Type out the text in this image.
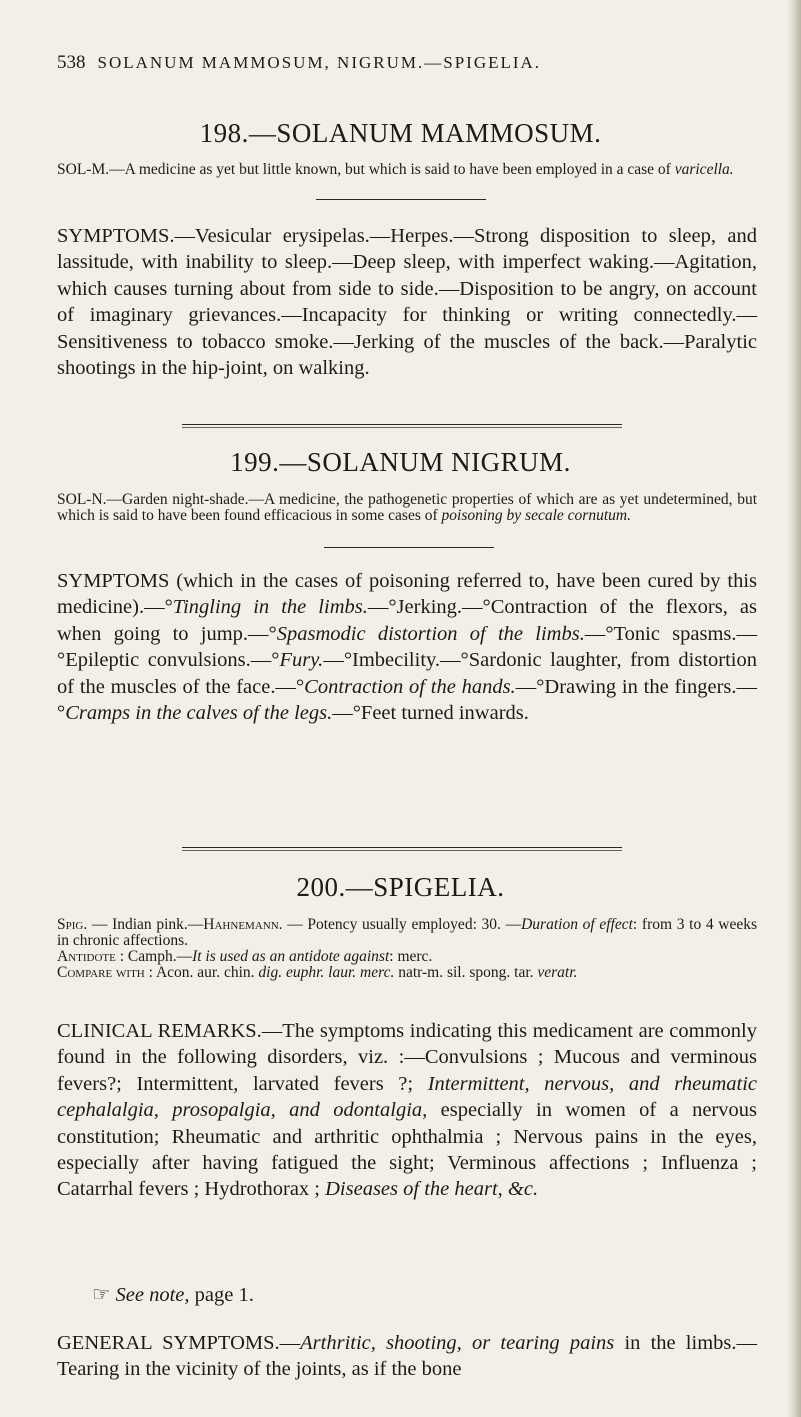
538 SOLANUM MAMMOSUM, NIGRUM.—SPIGELIA.
198.—SOLANUM MAMMOSUM.
SOL-M.—A medicine as yet but little known, but which is said to have been employed in a case of varicella.
SYMPTOMS.—Vesicular erysipelas.—Herpes.—Strong disposition to sleep, and lassitude, with inability to sleep.—Deep sleep, with imperfect waking.—Agitation, which causes turning about from side to side.—Disposition to be angry, on account of imaginary grievances.—Incapacity for thinking or writing connectedly.—Sensitiveness to tobacco smoke.—Jerking of the muscles of the back.—Paralytic shootings in the hip-joint, on walking.
199.—SOLANUM NIGRUM.
SOL-N.—Garden night-shade.—A medicine, the pathogenetic properties of which are as yet undetermined, but which is said to have been found efficacious in some cases of poisoning by secale cornutum.
SYMPTOMS (which in the cases of poisoning referred to, have been cured by this medicine).—°Tingling in the limbs.—°Jerking.—°Contraction of the flexors, as when going to jump.—°Spasmodic distortion of the limbs.—°Tonic spasms.—°Epileptic convulsions.—°Fury.—°Imbecility.—°Sardonic laughter, from distortion of the muscles of the face.—°Contraction of the hands.—°Drawing in the fingers.—°Cramps in the calves of the legs.—°Feet turned inwards.
200.—SPIGELIA.
Spig. — Indian pink.—Hahnemann. — Potency usually employed: 30. —Duration of effect: from 3 to 4 weeks in chronic affections.
Antidote : Camph.—It is used as an antidote against: merc.
Compare with : Acon. aur. chin. dig. euphr. laur. merc. natr-m. sil. spong. tar. veratr.
CLINICAL REMARKS.—The symptoms indicating this medicament are commonly found in the following disorders, viz. :—Convulsions ; Mucous and verminous fevers?; Intermittent, larvated fevers ?; Intermittent, nervous, and rheumatic cephalalgia, prosopalgia, and odontalgia, especially in women of a nervous constitution; Rheumatic and arthritic ophthalmia ; Nervous pains in the eyes, especially after having fatigued the sight; Verminous affections ; Influenza ; Catarrhal fevers ; Hydrothorax ; Diseases of the heart, &c.
☞ See note, page 1.
GENERAL SYMPTOMS.—Arthritic, shooting, or tearing pains in the limbs.—Tearing in the vicinity of the joints, as if the bone
